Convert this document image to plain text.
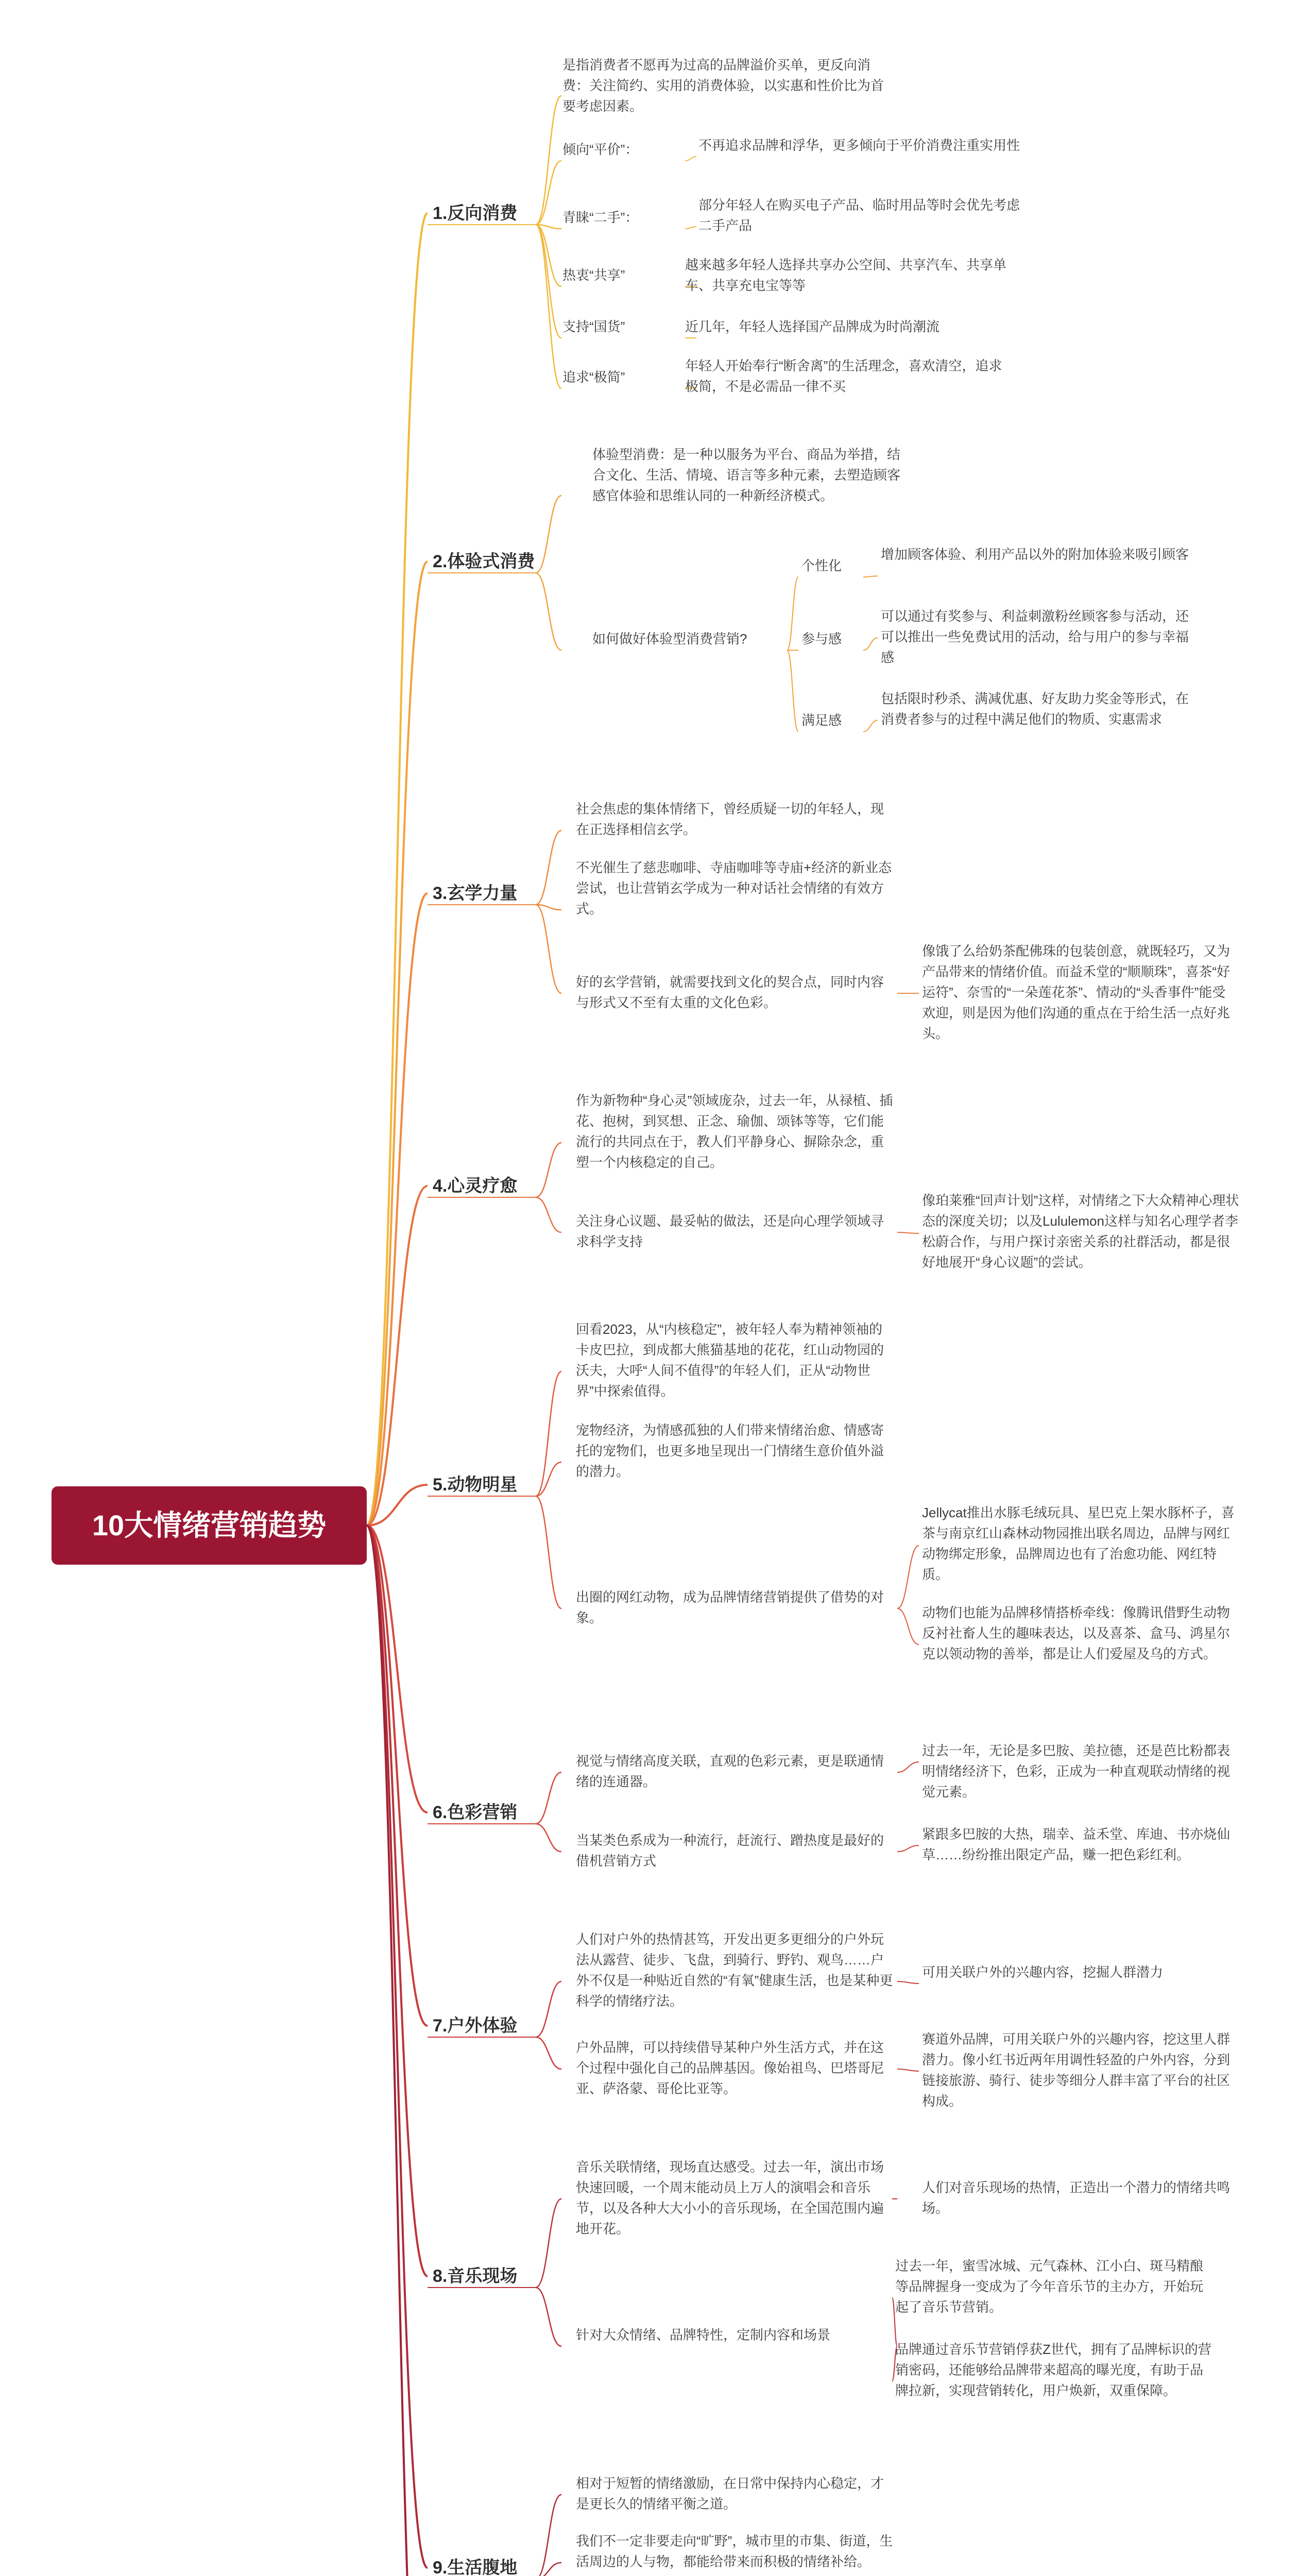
10大情绪营销趋势
1.反向消费
是指消费者不愿再为过高的品牌溢价买单，更反向消费：关注简约、实用的消费体验，以实惠和性价比为首要考虑因素。
倾向“平价”：	不再追求品牌和浮华，更多倾向于平价消费注重实用性
青睐“二手”：
部分年轻人在购买电子产品、临时用品等时会优先考虑二手产品
热衷“共享”
越来越多年轻人选择共享办公空间、共享汽车、共享单车、共享充电宝等等
支持“国货”	近几年，年轻人选择国产品牌成为时尚潮流
追求“极简”
年轻人开始奉行“断舍离”的生活理念，喜欢清空，追求极简，不是必需品一律不买
2.体验式消费
体验型消费：是一种以服务为平台、商品为举措，结合文化、生活、情境、语言等多种元素，去塑造顾客感官体验和思维认同的一种新经济模式。
如何做好体验型消费营销?
个性化
增加顾客体验、利用产品以外的附加体验来吸引顾客
参与感
可以通过有奖参与、利益刺激粉丝顾客参与活动，还可以推出一些免费试用的活动，给与用户的参与幸福感
满足感
包括限时秒杀、满减优惠、好友助力奖金等形式，在消费者参与的过程中满足他们的物质、实惠需求
3.玄学力量
社会焦虑的集体情绪下，曾经质疑一切的年轻人，现在正选择相信玄学。
不光催生了慈悲咖啡、寺庙咖啡等寺庙+经济的新业态尝试，也让营销玄学成为一种对话社会情绪的有效方式。
好的玄学营销，就需要找到文化的契合点，同时内容与形式又不至有太重的文化色彩。
像饿了么给奶茶配佛珠的包装创意，就既轻巧，又为产品带来的情绪价值。而益禾堂的“顺顺珠”，喜茶“好运符”、奈雪的“一朵莲花茶”、情动的“头香事件”能受欢迎，则是因为他们沟通的重点在于给生活一点好兆头。
4.心灵疗愈
作为新物种“身心灵”领域庞杂，过去一年，从禄植、插花、抱树，到冥想、正念、瑜伽、颂钵等等，它们能流行的共同点在于，教人们平静身心、摒除杂念，重塑一个内核稳定的自己。
关注身心议题、最妥帖的做法，还是向心理学领域寻求科学支持
像珀莱雅“回声计划”这样，对情绪之下大众精神心理状态的深度关切；以及Lululemon这样与知名心理学者李松蔚合作，与用户探讨亲密关系的社群活动，都是很好地展开“身心议题”的尝试。
5.动物明星
回看2023，从“内核稳定”，被年轻人奉为精神领袖的卡皮巴拉，到成都大熊猫基地的花花，红山动物园的沃夫，大呼“人间不值得”的年轻人们，正从“动物世界”中探索值得。
宠物经济，为情感孤独的人们带来情绪治愈、情感寄托的宠物们，也更多地呈现出一门情绪生意价值外溢的潜力。
出圈的网红动物，成为品牌情绪营销提供了借势的对象。
Jellycat推出水豚毛绒玩具、星巴克上架水豚杯子，喜茶与南京红山森林动物园推出联名周边，品牌与网红动物绑定形象，品牌周边也有了治愈功能、网红特质。
动物们也能为品牌移情搭桥牵线：像腾讯借野生动物反衬社畜人生的趣味表达，以及喜茶、盒马、鸿星尔克以领动物的善举，都是让人们爱屋及乌的方式。
6.色彩营销
视觉与情绪高度关联，直观的色彩元素，更是联通情绪的连通器。
过去一年，无论是多巴胺、美拉德，还是芭比粉都表明情绪经济下，色彩，正成为一种直观联动情绪的视觉元素。
当某类色系成为一种流行，赶流行、蹭热度是最好的借机营销方式
紧跟多巴胺的大热，瑞幸、益禾堂、库迪、书亦烧仙草……纷纷推出限定产品，赚一把色彩红利。
7.户外体验
人们对户外的热情甚笃，开发出更多更细分的户外玩法从露营、徒步、飞盘，到骑行、野钓、观鸟……户外不仅是一种贴近自然的“有氧”健康生活，也是某种更科学的情绪疗法。
可用关联户外的兴趣内容，挖掘人群潜力
户外品牌，可以持续借导某种户外生活方式，并在这个过程中强化自己的品牌基因。像始祖鸟、巴塔哥尼亚、萨洛蒙、哥伦比亚等。
赛道外品牌，可用关联户外的兴趣内容，挖这里人群潜力。像小红书近两年用调性轻盈的户外内容，分到链接旅游、骑行、徒步等细分人群丰富了平台的社区构成。
8.音乐现场
音乐关联情绪，现场直达感受。过去一年，演出市场快速回暖，一个周末能动员上万人的演唱会和音乐节，以及各种大大小小的音乐现场，在全国范围内遍地开花。
人们对音乐现场的热情，正造出一个潜力的情绪共鸣场。
针对大众情绪、品牌特性，定制内容和场景
过去一年，蜜雪冰城、元气森林、江小白、斑马精酿等品牌握身一变成为了今年音乐节的主办方，开始玩起了音乐节营销。
品牌通过音乐节营销俘获Z世代，拥有了品牌标识的营销密码，还能够给品牌带来超高的曝光度，有助于品牌拉新，实现营销转化，用户焕新，双重保障。
9.生活腹地
相对于短暂的情绪激励，在日常中保持内心稳定，才是更长久的情绪平衡之道。
我们不一定非要走向“旷野”，城市里的市集、街道，生活周边的人与物，都能给带来而积极的情绪补给。
